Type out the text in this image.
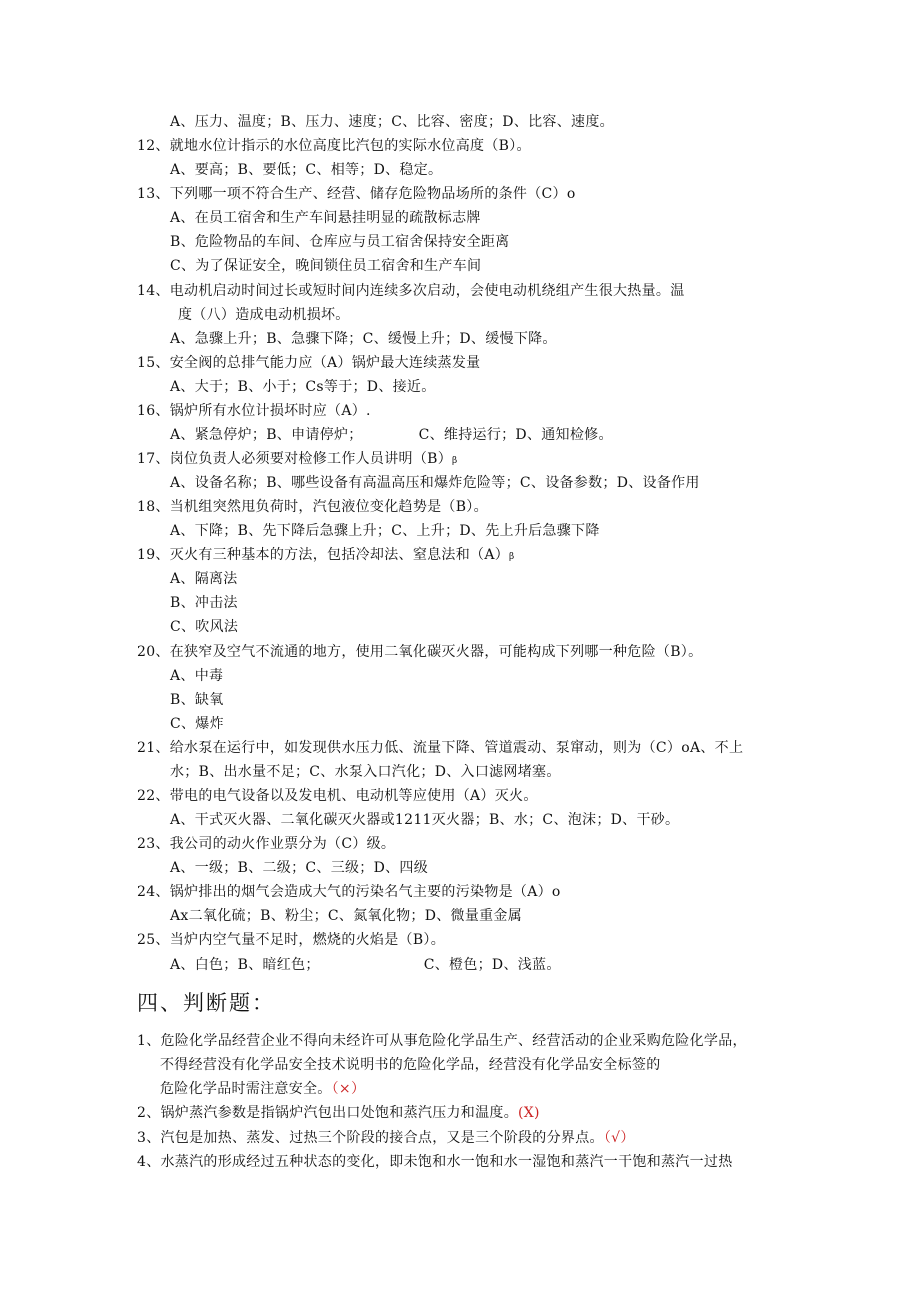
A、压力、温度；B、压力、速度；C、比容、密度；D、比容、速度。
12、就地水位计指示的水位高度比汽包的实际水位高度（B）。
A、要高；B、要低；C、相等；D、稳定。
13、下列哪一项不符合生产、经营、储存危险物品场所的条件（C）o
A、在员工宿舍和生产车间悬挂明显的疏散标志牌
B、危险物品的车间、仓库应与员工宿舍保持安全距离
C、为了保证安全，晚间锁住员工宿舍和生产车间
14、电动机启动时间过长或短时间内连续多次启动，会使电动机绕组产生很大热量。温
度（八）造成电动机损坏。
A、急骤上升；B、急骤下降；C、缓慢上升；D、缓慢下降。
15、安全阀的总排气能力应（A）锅炉最大连续蒸发量
A、大于；B、小于；Cs等于；D、接近。
16、锅炉所有水位计损坏时应（A）.
A、紧急停炉；B、申请停炉；	C、维持运行；D、通知检修。
17、岗位负责人必须要对检修工作人员讲明（B）β
A、设备名称；B、哪些设备有高温高压和爆炸危险等；C、设备参数；D、设备作用
18、当机组突然甩负荷时，汽包液位变化趋势是（B）。
A、下降；B、先下降后急骤上升；C、上升；D、先上升后急骤下降
19、灭火有三种基本的方法，包括冷却法、窒息法和（A）β
A、隔离法
B、冲击法
C、吹风法
20、在狭窄及空气不流通的地方，使用二氧化碳灭火器，可能构成下列哪一种危险（B）。
A、中毒
B、缺氧
C、爆炸
21、给水泵在运行中，如发现供水压力低、流量下降、管道震动、泵窜动，则为（C）oA、不上
水；B、出水量不足；C、水泵入口汽化；D、入口滤网堵塞。
22、带电的电气设备以及发电机、电动机等应使用（A）灭火。
A、干式灭火器、二氧化碳灭火器或1211灭火器；B、水；C、泡沫；D、干砂。
23、我公司的动火作业票分为（C）级。
A、一级；B、二级；C、三级；D、四级
24、锅炉排出的烟气会造成大气的污染名气主要的污染物是（A）o
Ax二氧化硫；B、粉尘；C、氮氧化物；D、微量重金属
25、当炉内空气量不足时，燃烧的火焰是（B）。
A、白色；B、暗红色；	C、橙色；D、浅蓝。
四、判断题：
1、危险化学品经营企业不得向未经许可从事危险化学品生产、经营活动的企业采购危险化学品，
不得经营没有化学品安全技术说明书的危险化学品，经营没有化学品安全标签的
危险化学品时需注意安全。（×）
2、锅炉蒸汽参数是指锅炉汽包出口处饱和蒸汽压力和温度。(X)
3、汽包是加热、蒸发、过热三个阶段的接合点，又是三个阶段的分界点。（√）
4、水蒸汽的形成经过五种状态的变化，即未饱和水一饱和水一湿饱和蒸汽一干饱和蒸汽一过热
